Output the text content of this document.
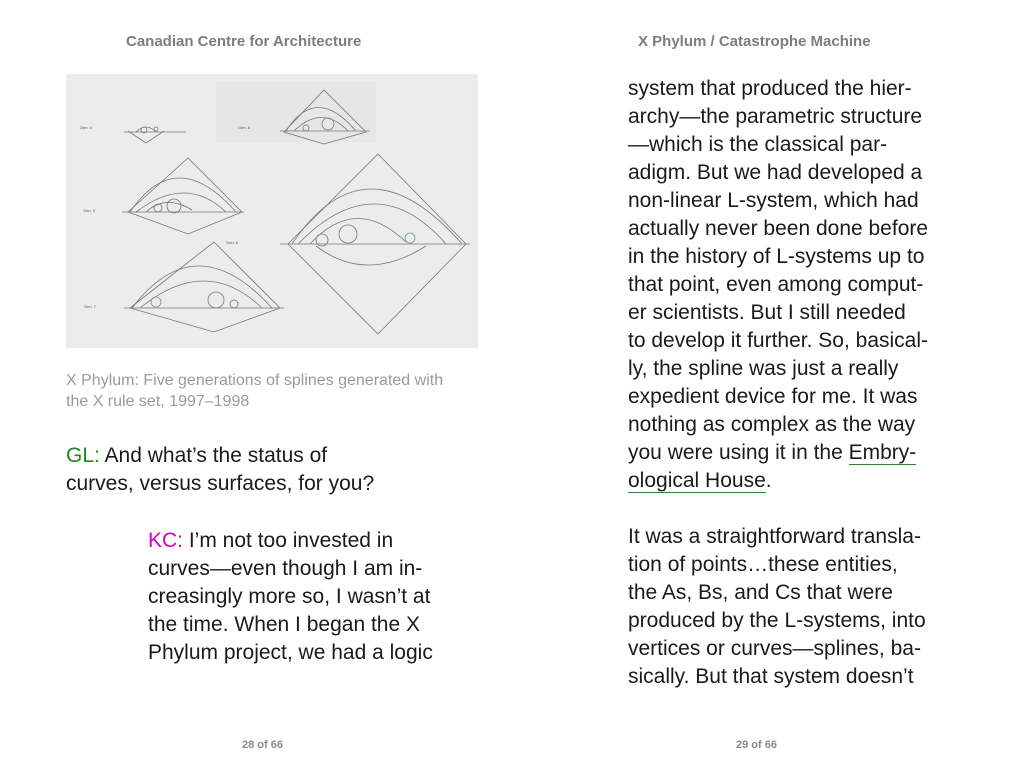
Canadian Centre for Architecture
Gen. 4	Gen. 8
Gen. 5
Gen. 6
Gen. 7

X Phylum: Five generations of splines generated with

the X rule set, 1997–1998

GL: And what’s the status of

curves, versus surfaces, for you?

KC: I’m not too invested in

curves—even though I am in-

creasingly more so, I wasn’t at

the time. When I began the X

Phylum project, we had a logic

28 of 66
X Phylum / Catastrophe Machine

system that produced the hier-

archy—the parametric structure

—which is the classical par-

adigm. But we had developed a

non-linear L-system, which had

actually never been done before

in the history of L-systems up to

that point, even among comput-

er scientists. But I still needed

to develop it further. So, basical-

ly, the spline was just a really

expedient device for me. It was

nothing as complex as the way

you were using it in the Embry-

ological House.

It was a straightforward transla-

tion of points…these entities,

the As, Bs, and Cs that were

produced by the L-systems, into

vertices or curves—splines, ba-

sically. But that system doesn’t

29 of 66
